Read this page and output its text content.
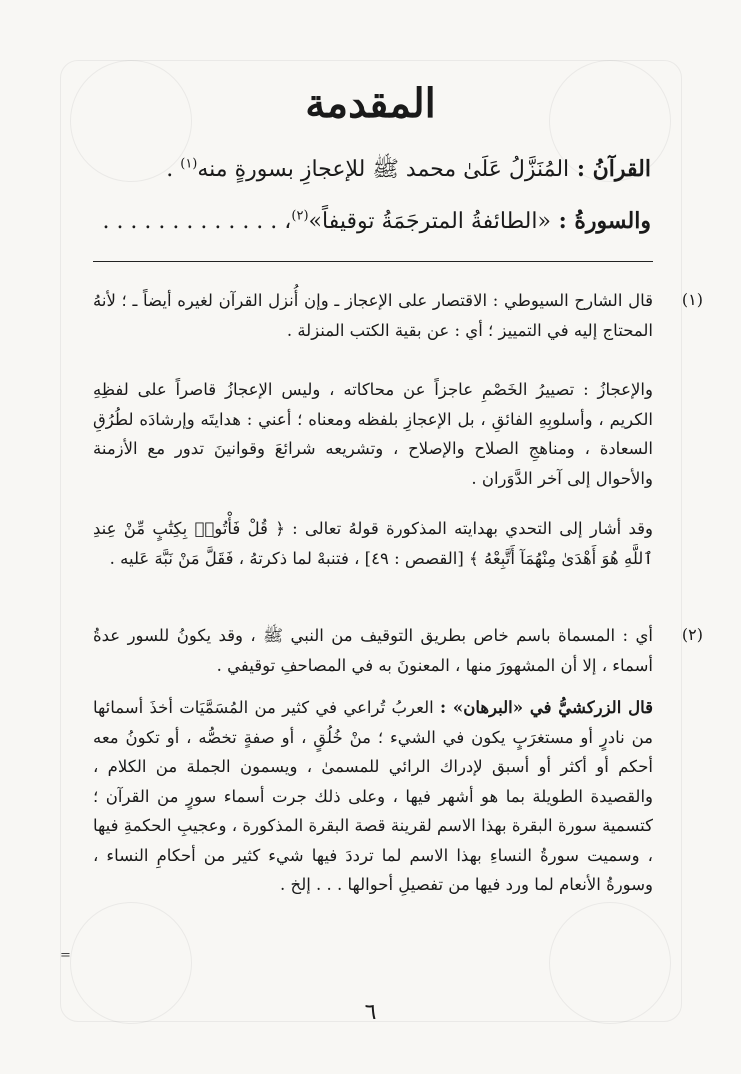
المقدمة
القرآنُ : المُنَزَّلُ عَلَىٰ محمد ﷺ للإعجازِ بسورةٍ منه$^{(١)}$ .
والسورةُ : «الطائفةُ المترجَمَةُ توقيفاً»$^{(٢)}$، . . . . . . . . . . . . .
(١)
قال الشارح السيوطي : الاقتصار على الإعجاز ـ وإن أُنزل القرآن لغيره أيضاً ـ ؛ لأنهُ المحتاج إليه في التمييز ؛ أي : عن بقية الكتب المنزلة .
والإعجازُ : تصييرُ الخَصْمِ عاجزاً عن محاكاته ، وليس الإعجازُ قاصراً على لفظِهِ الكريم ، وأسلوبِهِ الفائقِ ، بل الإعجازِ بلفظه ومعناه ؛ أعني : هدايتَه وإرشادَه لطُرُقِ السعادة ، ومناهجِ الصلاح والإصلاح ، وتشريعه شرائعَ وقوانينَ تدور مع الأزمنة والأحوال إلى آخر الدَّوَران .
وقد أشار إلى التحدي بهدايته المذكورة قولهُ تعالى : ﴿ قُلْ فَأْتُوا۟ بِكِتَٰبٍ مِّنْ عِندِ ٱللَّهِ هُوَ أَهْدَىٰ مِنْهُمَآ أَتَّبِعْهُ ﴾ [القصص : ٤٩] ، فتنبهْ لما ذكرتهُ ، فَقَلَّ مَنْ نَبَّهَ عَليه .
(٢)
أي : المسماة باسم خاص بطريق التوقيف من النبي ﷺ ، وقد يكونُ للسور عدةُ أسماء ، إلا أن المشهورَ منها ، المعنونَ به في المصاحفِ توقيفي .
قال الزركشيُّ في «البرهان» : العربُ تُراعي في كثير من المُسَمَّيَات أخذَ أسمائها من نادرٍ أو مستغرَبٍ يكون في الشيء ؛ منْ خُلُقٍ ، أو صفةٍ تخصُّه ، أو تكونُ معه أحكم أو أكثر أو أسبق لإدراك الرائي للمسمىٰ ، ويسمون الجملة من الكلام ، والقصيدة الطويلة بما هو أشهر فيها ، وعلى ذلك جرت أسماء سورٍ من القرآن ؛ كتسمية سورة البقرة بهذا الاسم لقرينة قصة البقرة المذكورة ، وعجيبِ الحكمةِ فيها ، وسميت سورةُ النساءِ بهذا الاسم لما ترددَ فيها شيء كثير من أحكامِ النساء ، وسورةُ الأنعام لما ورد فيها من تفصيلِ أحوالها . . . إلخ .
=
٦
